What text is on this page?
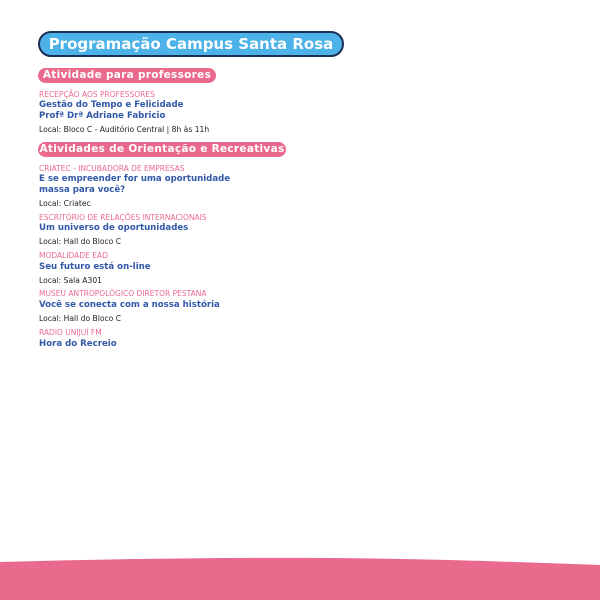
Programação Campus Santa Rosa
Atividade para professores
RECEPÇÃO AOS PROFESSORES
Gestão do Tempo e Felicidade
Profª Drª Adriane Fabricio
Local: Bloco C - Auditório Central | 8h às 11h
Atividades de Orientação e Recreativas
CRIATEC - INCUBADORA DE EMPRESAS
E se empreender for uma oportunidade
massa para você?
Local: Criatec
ESCRITÓRIO DE RELAÇÕES INTERNACIONAIS
Um universo de oportunidades
Local: Hall do Bloco C
MODALIDADE EAD
Seu futuro está on-line
Local: Sala A301
MUSEU ANTROPOLÓGICO DIRETOR PESTANA
Você se conecta com a nossa história
Local: Hall do Bloco C
RADIO UNIJUÍ FM
Hora do Recreio
